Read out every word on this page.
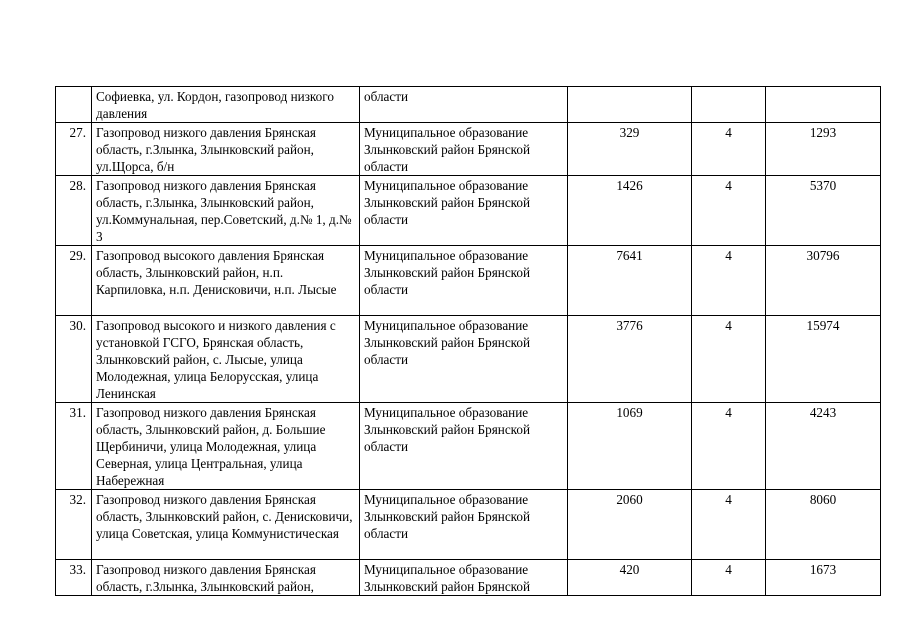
	Софиевка, ул. Кордон, газопровод низкого давления	области			
27.	Газопровод низкого давления Брянская область, г.Злынка, Злынковский район, ул.Щорса, б/н	Муниципальное образование Злынковский район Брянской области	329	4	1293
28.	Газопровод низкого давления Брянская область, г.Злынка, Злынковский район, ул.Коммунальная, пер.Советский, д.№ 1, д.№ 3	Муниципальное образование Злынковский район Брянской области	1426	4	5370
29.	Газопровод высокого давления Брянская область, Злынковский район, н.п. Карпиловка, н.п. Денисковичи, н.п. Лысые	Муниципальное образование Злынковский район Брянской области	7641	4	30796
30.	Газопровод высокого и низкого давления с установкой ГСГО, Брянская область, Злынковский район, с. Лысые, улица Молодежная, улица Белорусская, улица Ленинская	Муниципальное образование Злынковский район Брянской области	3776	4	15974
31.	Газопровод низкого давления Брянская область, Злынковский район, д. Большие Щербиничи, улица Молодежная, улица Северная, улица Центральная, улица Набережная	Муниципальное образование Злынковский район Брянской области	1069	4	4243
32.	Газопровод низкого давления Брянская область, Злынковский район, с. Денисковичи, улица Советская, улица Коммунистическая	Муниципальное образование Злынковский район Брянской области	2060	4	8060
33.	Газопровод низкого давления Брянская область, г.Злынка, Злынковский район,	Муниципальное образование Злынковский район Брянской	420	4	1673
